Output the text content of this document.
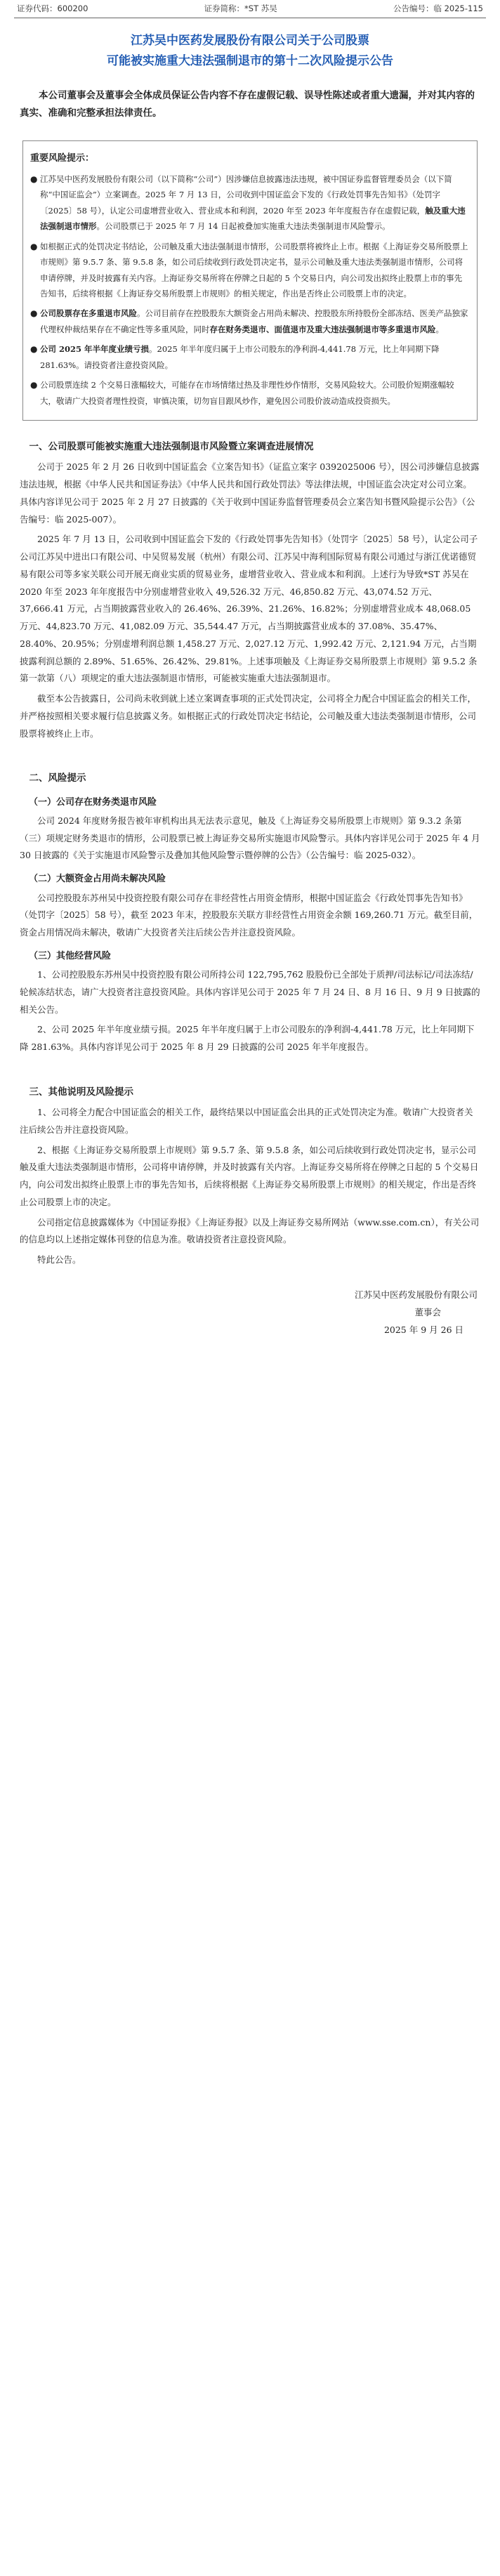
证券代码：600200	证券简称：*ST 苏吴	公告编号：临 2025-115
江苏吴中医药发展股份有限公司关于公司股票
可能被实施重大违法强制退市的第十二次风险提示公告

本公司董事会及董事会全体成员保证公告内容不存在虚假记载、误导性陈述或者重大遗漏，并对其内容的真实、准确和完整承担法律责任。

重要风险提示：
● 江苏吴中医药发展股份有限公司（以下简称“公司”）因涉嫌信息披露违法违规，被中国证券监督管理委员会（以下简称“中国证监会”）立案调查。2025 年 7 月 13 日，公司收到中国证监会下发的《行政处罚事先告知书》（处罚字〔2025〕58 号），认定公司虚增营业收入、营业成本和利润，2020 年至 2023 年年度报告存在虚假记载，触及重大违法强制退市情形。公司股票已于 2025 年 7 月 14 日起被叠加实施重大违法类强制退市风险警示。
● 如根据正式的处罚决定书结论，公司触及重大违法强制退市情形，公司股票将被终止上市。根据《上海证券交易所股票上市规则》第 9.5.7 条、第 9.5.8 条，如公司后续收到行政处罚决定书，显示公司触及重大违法类强制退市情形，公司将申请停牌，并及时披露有关内容。上海证券交易所将在停牌之日起的 5 个交易日内，向公司发出拟终止股票上市的事先告知书，后续将根据《上海证券交易所股票上市规则》的相关规定，作出是否终止公司股票上市的决定。
● 公司股票存在多重退市风险。公司目前存在控股股东大额资金占用尚未解决、控股股东所持股份全部冻结、医美产品独家代理权仲裁结果存在不确定性等多重风险，同时存在财务类退市、面值退市及重大违法强制退市等多重退市风险。
● 公司 2025 年半年度业绩亏损。2025 年半年度归属于上市公司股东的净利润-4,441.78 万元，比上年同期下降 281.63%。请投资者注意投资风险。
● 公司股票连续 2 个交易日涨幅较大，可能存在市场情绪过热及非理性炒作情形，交易风险较大。公司股价短期涨幅较大，敬请广大投资者理性投资，审慎决策，切勿盲目跟风炒作，避免因公司股价波动造成投资损失。
一、公司股票可能被实施重大违法强制退市风险暨立案调查进展情况

公司于 2025 年 2 月 26 日收到中国证监会《立案告知书》（证监立案字 0392025006 号），因公司涉嫌信息披露违法违规，根据《中华人民共和国证券法》《中华人民共和国行政处罚法》等法律法规，中国证监会决定对公司立案。具体内容详见公司于 2025 年 2 月 27 日披露的《关于收到中国证券监督管理委员会立案告知书暨风险提示公告》（公告编号：临 2025-007）。

2025 年 7 月 13 日，公司收到中国证监会下发的《行政处罚事先告知书》（处罚字〔2025〕58 号），认定公司子公司江苏吴中进出口有限公司、中吴贸易发展（杭州）有限公司、江苏吴中海利国际贸易有限公司通过与浙江优诺德贸易有限公司等多家关联公司开展无商业实质的贸易业务，虚增营业收入、营业成本和利润。上述行为导致*ST 苏吴在 2020 年至 2023 年年度报告中分别虚增营业收入 49,526.32 万元、46,850.82 万元、43,074.52 万元、37,666.41 万元，占当期披露营业收入的 26.46%、26.39%、21.26%、16.82%；分别虚增营业成本 48,068.05 万元、44,823.70 万元、41,082.09 万元、35,544.47 万元，占当期披露营业成本的 37.08%、35.47%、28.40%、20.95%；分别虚增利润总额 1,458.27 万元、2,027.12 万元、1,992.42 万元、2,121.94 万元，占当期披露利润总额的 2.89%、51.65%、26.42%、29.81%。上述事项触及《上海证券交易所股票上市规则》第 9.5.2 条第一款第（八）项规定的重大违法强制退市情形，可能被实施重大违法强制退市。

截至本公告披露日，公司尚未收到就上述立案调查事项的正式处罚决定，公司将全力配合中国证监会的相关工作，并严格按照相关要求履行信息披露义务。如根据正式的行政处罚决定书结论，公司触及重大违法类强制退市情形，公司股票将被终止上市。

二、风险提示
（一）公司存在财务类退市风险

公司 2024 年度财务报告被年审机构出具无法表示意见，触及《上海证券交易所股票上市规则》第 9.3.2 条第（三）项规定财务类退市的情形，公司股票已被上海证券交易所实施退市风险警示。具体内容详见公司于 2025 年 4 月 30 日披露的《关于实施退市风险警示及叠加其他风险警示暨停牌的公告》（公告编号：临 2025-032）。

（二）大额资金占用尚未解决风险

公司控股股东苏州吴中投资控股有限公司存在非经营性占用资金情形，根据中国证监会《行政处罚事先告知书》（处罚字〔2025〕58 号），截至 2023 年末，控股股东关联方非经营性占用资金余额 169,260.71 万元。截至目前，资金占用情况尚未解决，敬请广大投资者关注后续公告并注意投资风险。

（三）其他经营风险

1、公司控股股东苏州吴中投资控股有限公司所持公司 122,795,762 股股份已全部处于质押/司法标记/司法冻结/轮候冻结状态，请广大投资者注意投资风险。具体内容详见公司于 2025 年 7 月 24 日、8 月 16 日、9 月 9 日披露的相关公告。

2、公司 2025 年半年度业绩亏损。2025 年半年度归属于上市公司股东的净利润-4,441.78 万元，比上年同期下降 281.63%。具体内容详见公司于 2025 年 8 月 29 日披露的公司 2025 年半年度报告。

三、其他说明及风险提示

1、公司将全力配合中国证监会的相关工作，最终结果以中国证监会出具的正式处罚决定为准。敬请广大投资者关注后续公告并注意投资风险。

2、根据《上海证券交易所股票上市规则》第 9.5.7 条、第 9.5.8 条，如公司后续收到行政处罚决定书，显示公司触及重大违法类强制退市情形，公司将申请停牌，并及时披露有关内容。上海证券交易所将在停牌之日起的 5 个交易日内，向公司发出拟终止股票上市的事先告知书，后续将根据《上海证券交易所股票上市规则》的相关规定，作出是否终止公司股票上市的决定。

公司指定信息披露媒体为《中国证券报》《上海证券报》以及上海证券交易所网站（www.sse.com.cn），有关公司的信息均以上述指定媒体刊登的信息为准。敬请投资者注意投资风险。

特此公告。

江苏吴中医药发展股份有限公司
董事会
2025 年 9 月 26 日
